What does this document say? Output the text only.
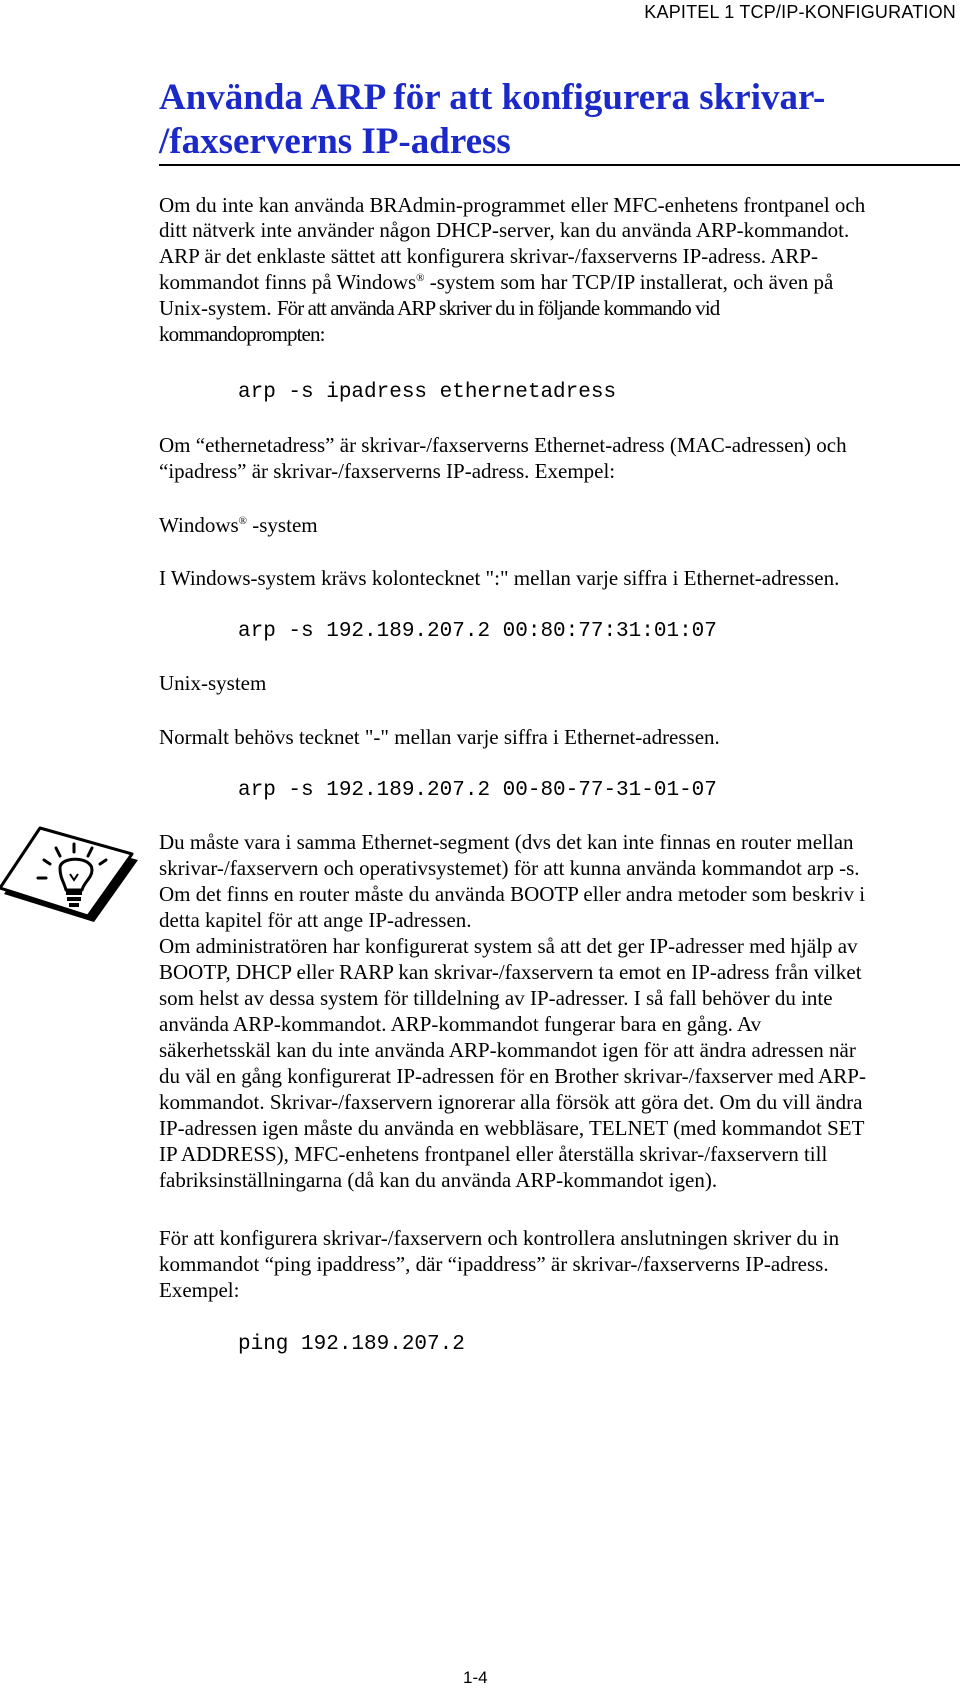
KAPITEL 1 TCP/IP-KONFIGURATION
Använda ARP för att konfigurera skrivar-
/faxserverns IP-adress

Om du inte kan använda BRAdmin-programmet eller MFC-enhetens frontpanel och

ditt nätverk inte använder någon DHCP-server, kan du använda ARP-kommandot.

ARP är det enklaste sättet att konfigurera skrivar-/faxserverns IP-adress. ARP-

kommandot finns på Windows® -system som har TCP/IP installerat, och även på

Unix-system. För att använda ARP skriver du in följande kommando vid

kommandoprompten:

arp -s ipadress ethernetadress

Om “ethernetadress” är skrivar-/faxserverns Ethernet-adress (MAC-adressen) och

“ipadress” är skrivar-/faxserverns IP-adress. Exempel:

Windows® -system

I Windows-system krävs kolontecknet ":" mellan varje siffra i Ethernet-adressen.

arp -s 192.189.207.2 00:80:77:31:01:07

Unix-system

Normalt behövs tecknet "-" mellan varje siffra i Ethernet-adressen.

arp -s 192.189.207.2 00-80-77-31-01-07

Du måste vara i samma Ethernet-segment (dvs det kan inte finnas en router mellan

skrivar-/faxservern och operativsystemet) för att kunna använda kommandot arp -s.

Om det finns en router måste du använda BOOTP eller andra metoder som beskriv i

detta kapitel för att ange IP-adressen.

Om administratören har konfigurerat system så att det ger IP-adresser med hjälp av

BOOTP, DHCP eller RARP kan skrivar-/faxservern ta emot en IP-adress från vilket

som helst av dessa system för tilldelning av IP-adresser. I så fall behöver du inte

använda ARP-kommandot. ARP-kommandot fungerar bara en gång. Av

säkerhetsskäl kan du inte använda ARP-kommandot igen för att ändra adressen när

du väl en gång konfigurerat IP-adressen för en Brother skrivar-/faxserver med ARP-

kommandot. Skrivar-/faxservern ignorerar alla försök att göra det. Om du vill ändra

IP-adressen igen måste du använda en webbläsare, TELNET (med kommandot SET

IP ADDRESS), MFC-enhetens frontpanel eller återställa skrivar-/faxservern till

fabriksinställningarna (då kan du använda ARP-kommandot igen).

För att konfigurera skrivar-/faxservern och kontrollera anslutningen skriver du in

kommandot “ping ipaddress”, där “ipaddress” är skrivar-/faxserverns IP-adress.

Exempel:

ping 192.189.207.2
1-4
